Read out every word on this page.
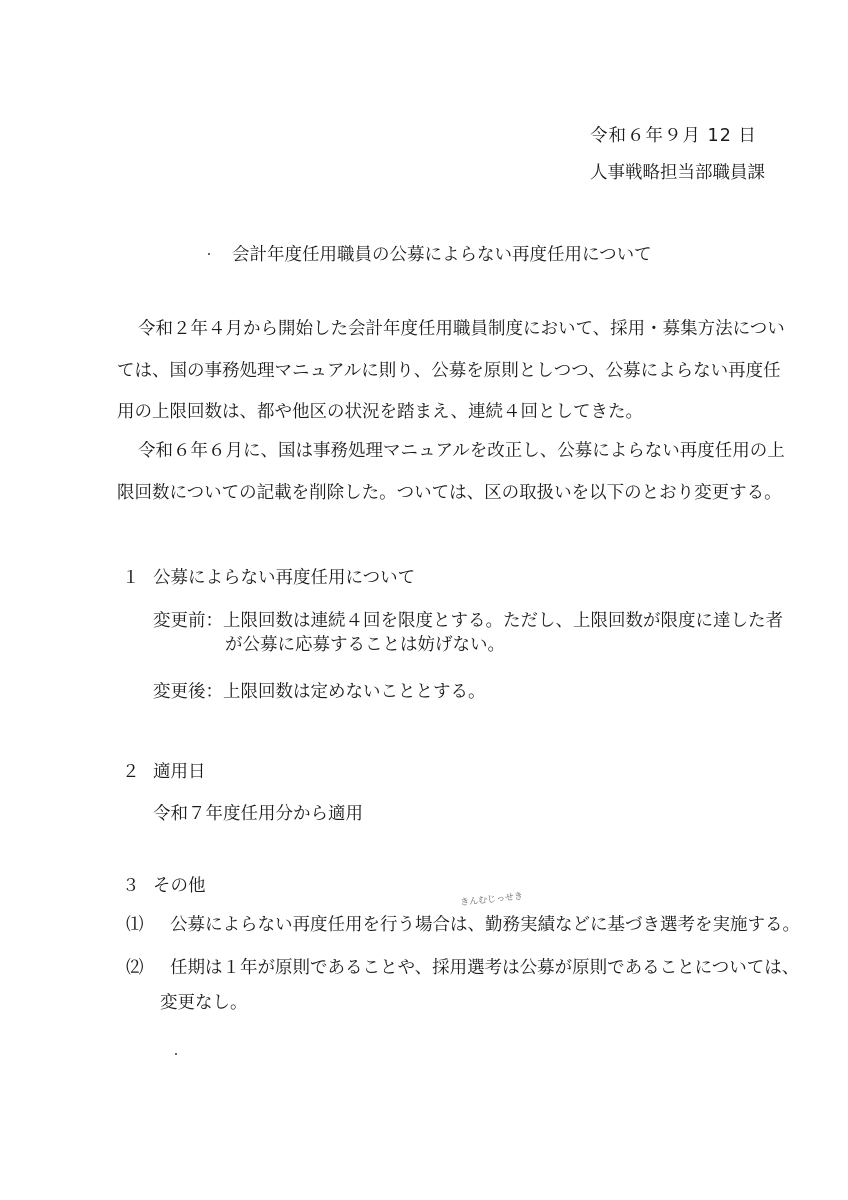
令和６年９月 12 日
人事戦略担当部職員課
会計年度任用職員の公募によらない再度任用について
令和２年４月から開始した会計年度任用職員制度において、採用・募集方法につい
ては、国の事務処理マニュアルに則り、公募を原則としつつ、公募によらない再度任
用の上限回数は、都や他区の状況を踏まえ、連続４回としてきた。
令和６年６月に、国は事務処理マニュアルを改正し、公募によらない再度任用の上
限回数についての記載を削除した。ついては、区の取扱いを以下のとおり変更する。
１ 公募によらない再度任用について
変更前：上限回数は連続４回を限度とする。ただし、上限回数が限度に達した者
が公募に応募することは妨げない。
変更後：上限回数は定めないこととする。
２ 適用日
令和７年度任用分から適用
３ その他
⑴ 公募によらない再度任用を行う場合は、勤務実績などに基づき選考を実施する。
きんむじっせき
⑵ 任期は１年が原則であることや、採用選考は公募が原則であることについては、
変更なし。
